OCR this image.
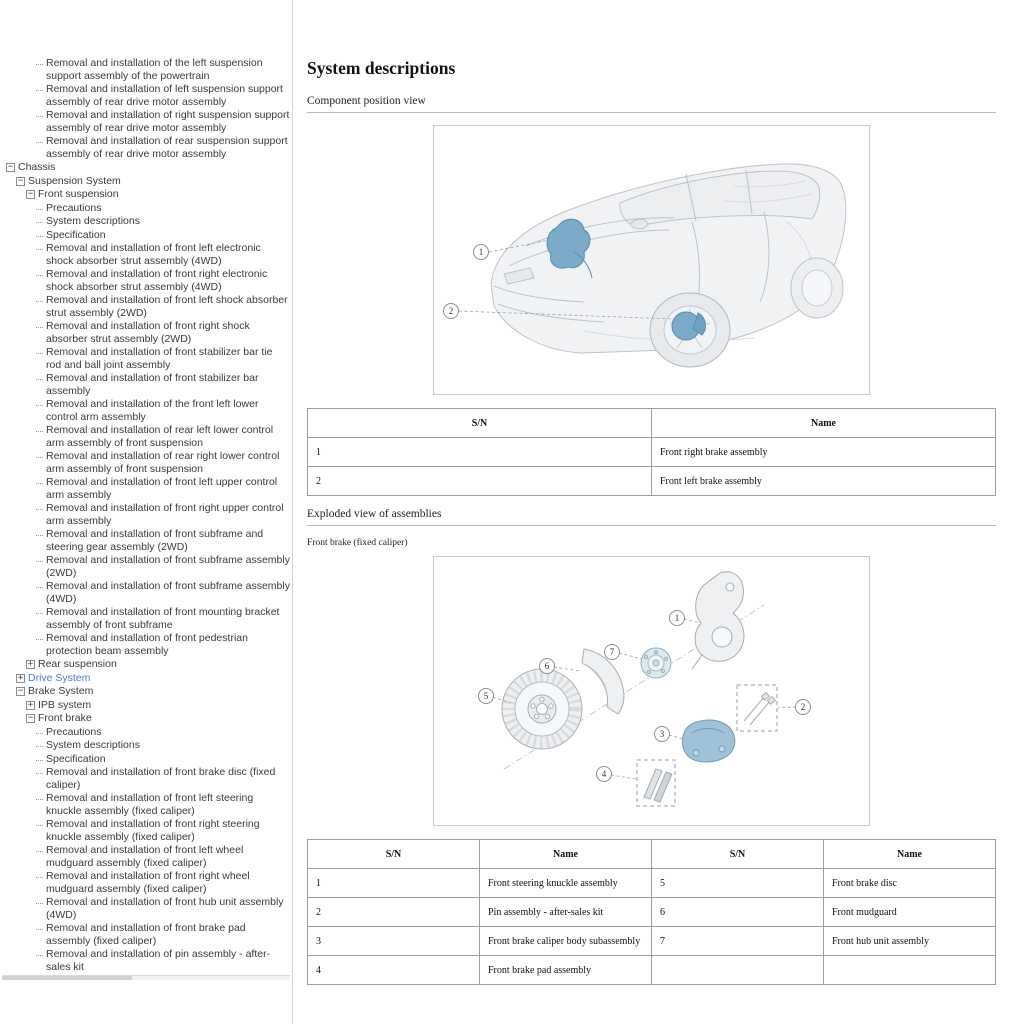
Removal and installation of the left suspension support assembly of the powertrain
Removal and installation of left suspension support assembly of rear drive motor assembly
Removal and installation of right suspension support assembly of rear drive motor assembly
Removal and installation of rear suspension support assembly of rear drive motor assembly
− Chassis
− Suspension System
− Front suspension
Precautions
System descriptions
Specification
Removal and installation of front left electronic shock absorber strut assembly (4WD)
Removal and installation of front right electronic shock absorber strut assembly (4WD)
Removal and installation of front left shock absorber strut assembly (2WD)
Removal and installation of front right shock absorber strut assembly (2WD)
Removal and installation of front stabilizer bar tie rod and ball joint assembly
Removal and installation of front stabilizer bar assembly
Removal and installation of the front left lower control arm assembly
Removal and installation of rear left lower control arm assembly of front suspension
Removal and installation of rear right lower control arm assembly of front suspension
Removal and installation of front left upper control arm assembly
Removal and installation of front right upper control arm assembly
Removal and installation of front subframe and steering gear assembly (2WD)
Removal and installation of front subframe assembly (2WD)
Removal and installation of front subframe assembly (4WD)
Removal and installation of front mounting bracket assembly of front subframe
Removal and installation of front pedestrian protection beam assembly
+ Rear suspension
+ Drive System
− Brake System
+ IPB system
− Front brake
Precautions
System descriptions
Specification
Removal and installation of front brake disc (fixed caliper)
Removal and installation of front left steering knuckle assembly (fixed caliper)
Removal and installation of front right steering knuckle assembly (fixed caliper)
Removal and installation of front left wheel mudguard assembly (fixed caliper)
Removal and installation of front right wheel mudguard assembly (fixed caliper)
Removal and installation of front hub unit assembly (4WD)
Removal and installation of front brake pad assembly (fixed caliper)
Removal and installation of pin assembly - after-sales kit
System descriptions
Component position view
1
2
S/N	Name
1	Front right brake assembly
2	Front left brake assembly
Exploded view of assemblies
Front brake (fixed caliper)
1
2
3
4
5
6
7
S/N	Name	S/N	Name
1	Front steering knuckle assembly	5	Front brake disc
2	Pin assembly - after-sales kit	6	Front mudguard
3	Front brake caliper body subassembly	7	Front hub unit assembly
4	Front brake pad assembly		
